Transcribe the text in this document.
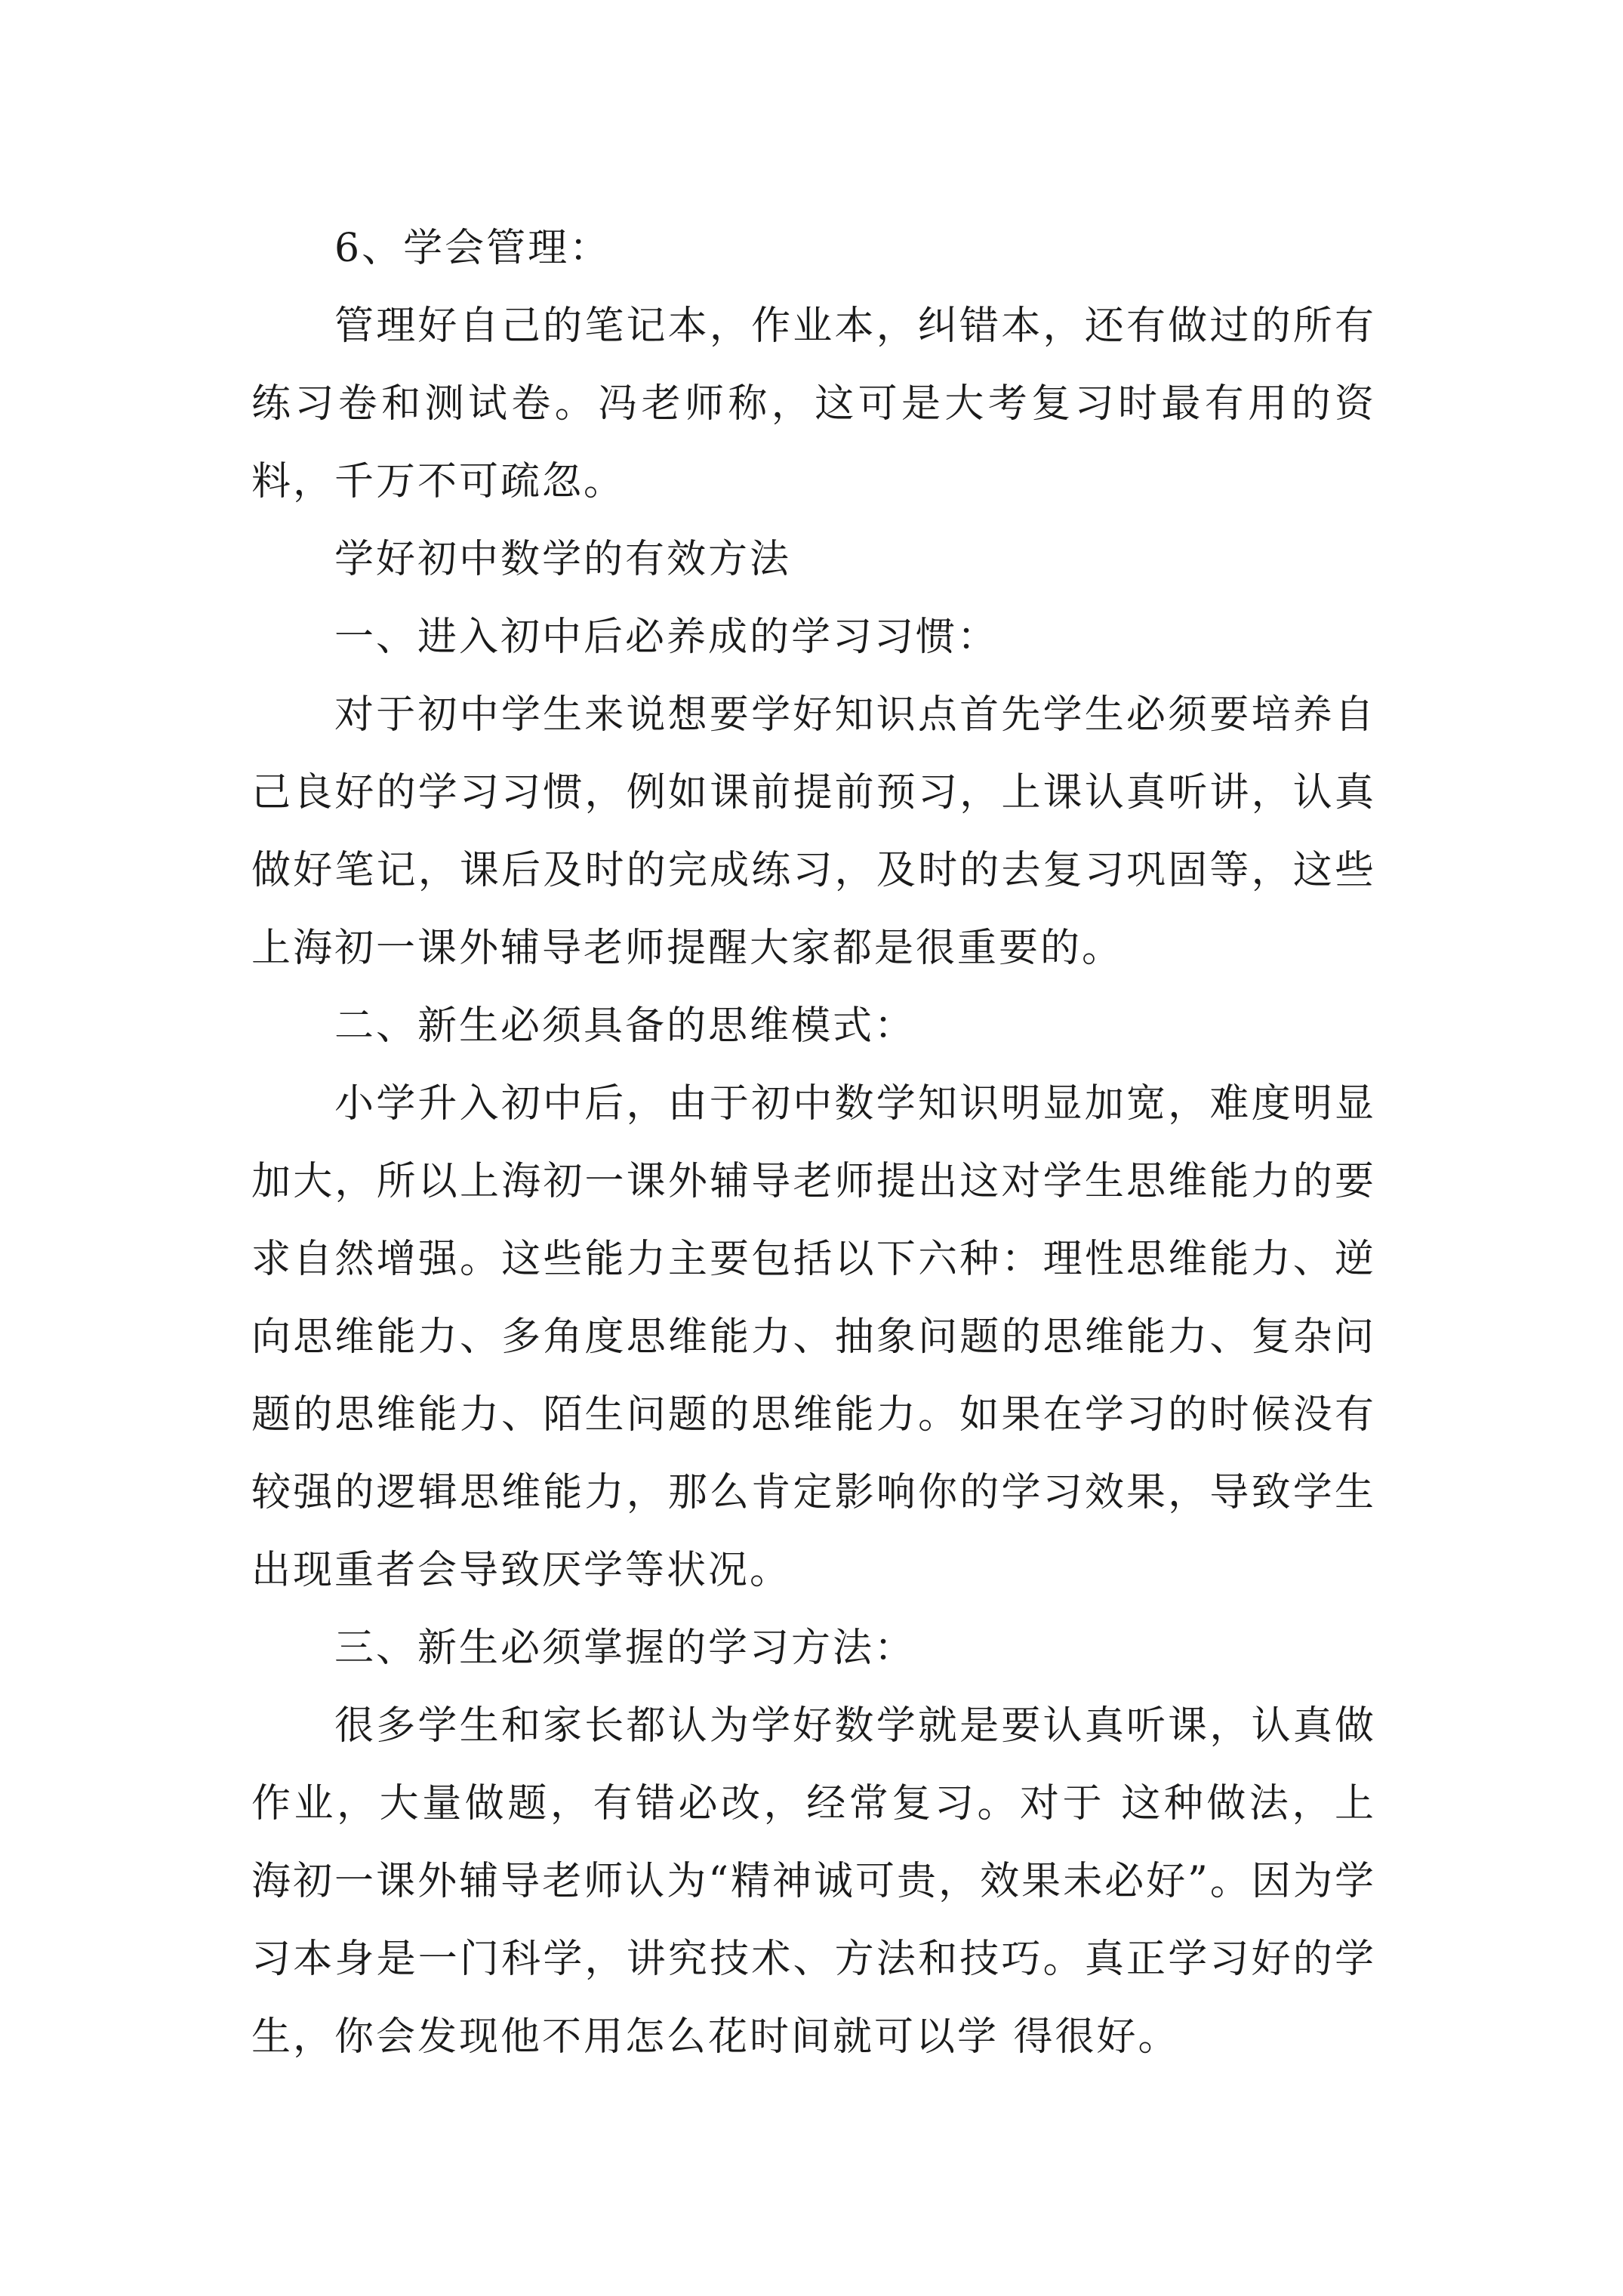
6、学会管理：

管理好自己的笔记本，作业本，纠错本，还有做过的所有练习卷和测试卷。冯老师称，这可是大考复习时最有用的资料，千万不可疏忽。

学好初中数学的有效方法

一、进入初中后必养成的学习习惯：

对于初中学生来说想要学好知识点首先学生必须要培养自己良好的学习习惯，例如课前提前预习，上课认真听讲，认真做好笔记，课后及时的完成练习，及时的去复习巩固等，这些上海初一课外辅导老师提醒大家都是很重要的。

二、新生必须具备的思维模式：

小学升入初中后，由于初中数学知识明显加宽，难度明显加大，所以上海初一课外辅导老师提出这对学生思维能力的要求自然增强。这些能力主要包括以下六种：理性思维能力、逆向思维能力、多角度思维能力、抽象问题的思维能力、复杂问题的思维能力、陌生问题的思维能力。如果在学习的时候没有较强的逻辑思维能力，那么肯定影响你的学习效果，导致学生出现重者会导致厌学等状况。

三、新生必须掌握的学习方法：

很多学生和家长都认为学好数学就是要认真听课，认真做作业，大量做题，有错必改，经常复习。对于 这种做法，上海初一课外辅导老师认为“精神诚可贵，效果未必好”。因为学习本身是一门科学，讲究技术、方法和技巧。真正学习好的学生，你会发现他不用怎么花时间就可以学 得很好。
